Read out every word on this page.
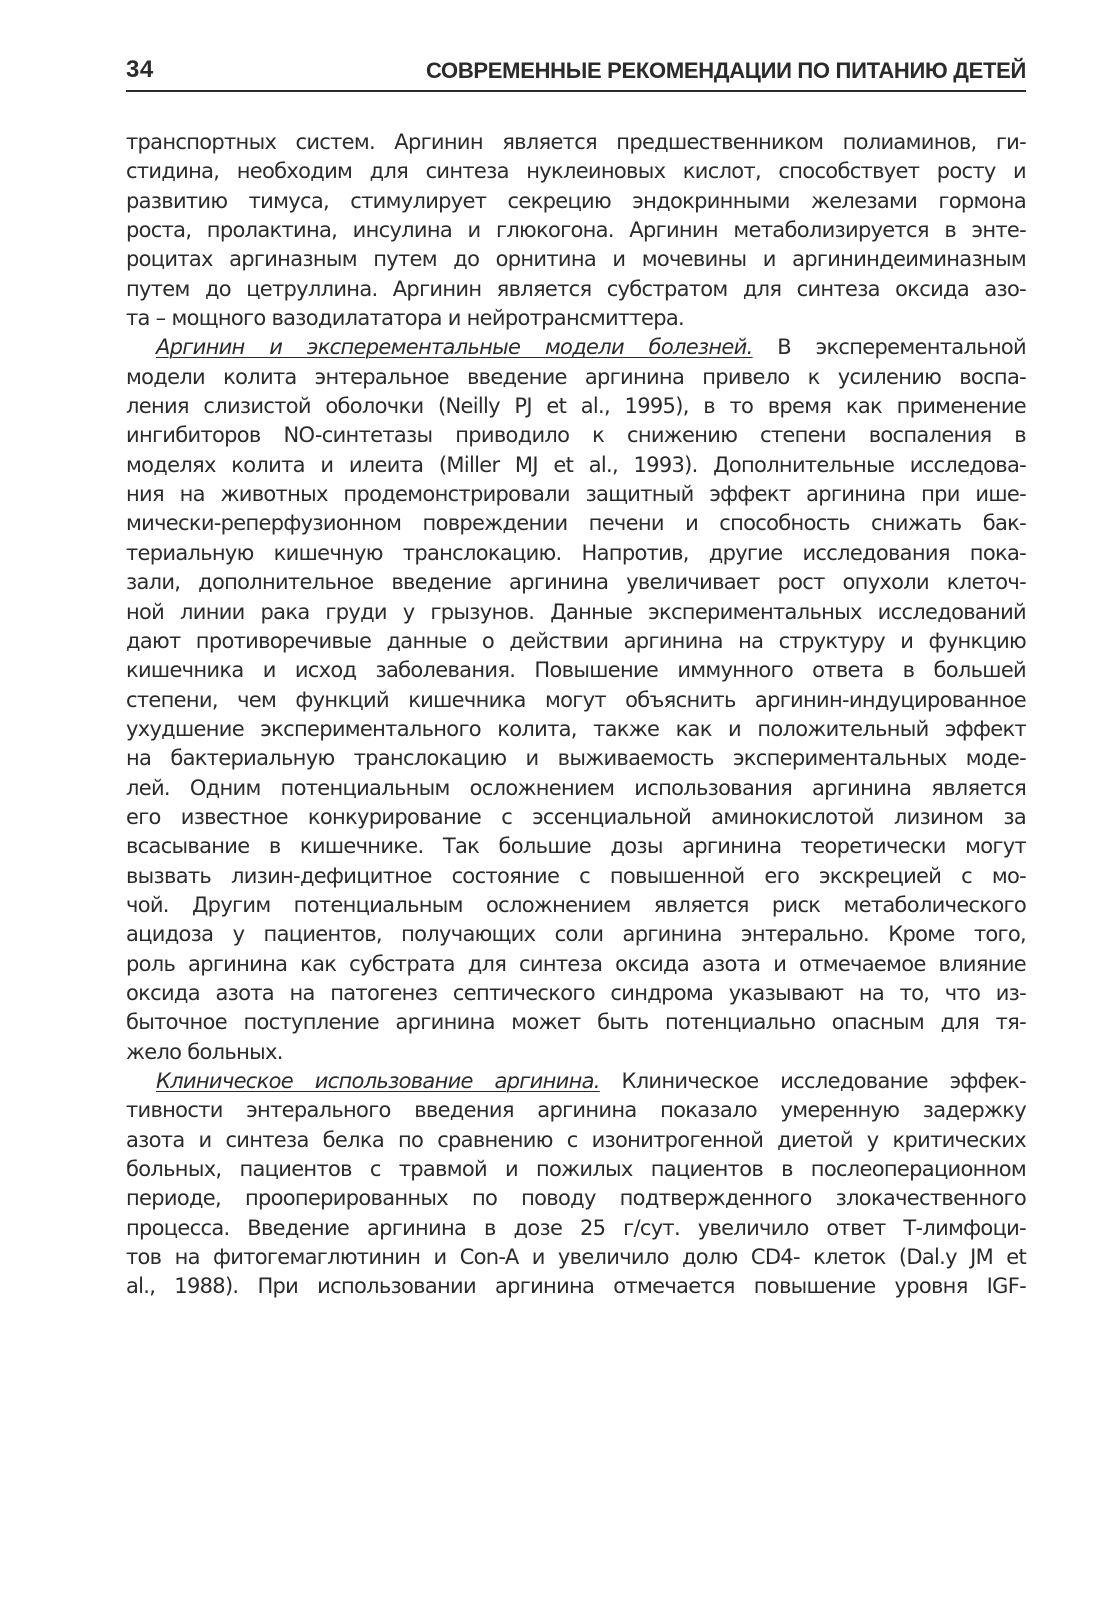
34	СОВРЕМЕННЫЕ РЕКОМЕНДАЦИИ ПО ПИТАНИЮ ДЕТЕЙ
транспортных систем. Аргинин является предшественником полиаминов, ги-
стидина, необходим для синтеза нуклеиновых кислот, способствует росту и
развитию тимуса, стимулирует секрецию эндокринными железами гормона
роста, пролактина, инсулина и глюкогона. Аргинин метаболизируется в энте-
роцитах аргиназным путем до орнитина и мочевины и аргининдеиминазным
путем до цетруллина. Аргинин является субстратом для синтеза оксида азо-
та – мощного вазодилататора и нейротрансмиттера.
Аргинин и эксперементальные модели болезней. В эксперементальной
модели колита энтеральное введение аргинина привело к усилению воспа-
ления слизистой оболочки (Neilly PJ et al., 1995), в то время как применение
ингибиторов NO-синтетазы приводило к снижению степени воспаления в
моделях колита и илеита (Miller MJ et al., 1993). Дополнительные исследова-
ния на животных продемонстрировали защитный эффект аргинина при ише-
мически-реперфузионном повреждении печени и способность снижать бак-
териальную кишечную транслокацию. Напротив, другие исследования пока-
зали, дополнительное введение аргинина увеличивает рост опухоли клеточ-
ной линии рака груди у грызунов. Данные экспериментальных исследований
дают противоречивые данные о действии аргинина на структуру и функцию
кишечника и исход заболевания. Повышение иммунного ответа в большей
степени, чем функций кишечника могут объяснить аргинин-индуцированное
ухудшение экспериментального колита, также как и положительный эффект
на бактериальную транслокацию и выживаемость экспериментальных моде-
лей. Одним потенциальным осложнением использования аргинина является
его известное конкурирование с эссенциальной аминокислотой лизином за
всасывание в кишечнике. Так большие дозы аргинина теоретически могут
вызвать лизин-дефицитное состояние с повышенной его экскрецией с мо-
чой. Другим потенциальным осложнением является риск метаболического
ацидоза у пациентов, получающих соли аргинина энтерально. Кроме того,
роль аргинина как субстрата для синтеза оксида азота и отмечаемое влияние
оксида азота на патогенез септического синдрома указывают на то, что из-
быточное поступление аргинина может быть потенциально опасным для тя-
жело больных.
Клиническое использование аргинина. Клиническое исследование эффек-
тивности энтерального введения аргинина показало умеренную задержку
азота и синтеза белка по сравнению с изонитрогенной диетой у критических
больных, пациентов с травмой и пожилых пациентов в послеоперационном
периоде, прооперированных по поводу подтвержденного злокачественного
процесса. Введение аргинина в дозе 25 г/сут. увеличило ответ Т-лимфоци-
тов на фитогемаглютинин и Con-A и увеличило долю CD4- клеток (Dal.y JM et
al., 1988). При использовании аргинина отмечается повышение уровня IGF-
